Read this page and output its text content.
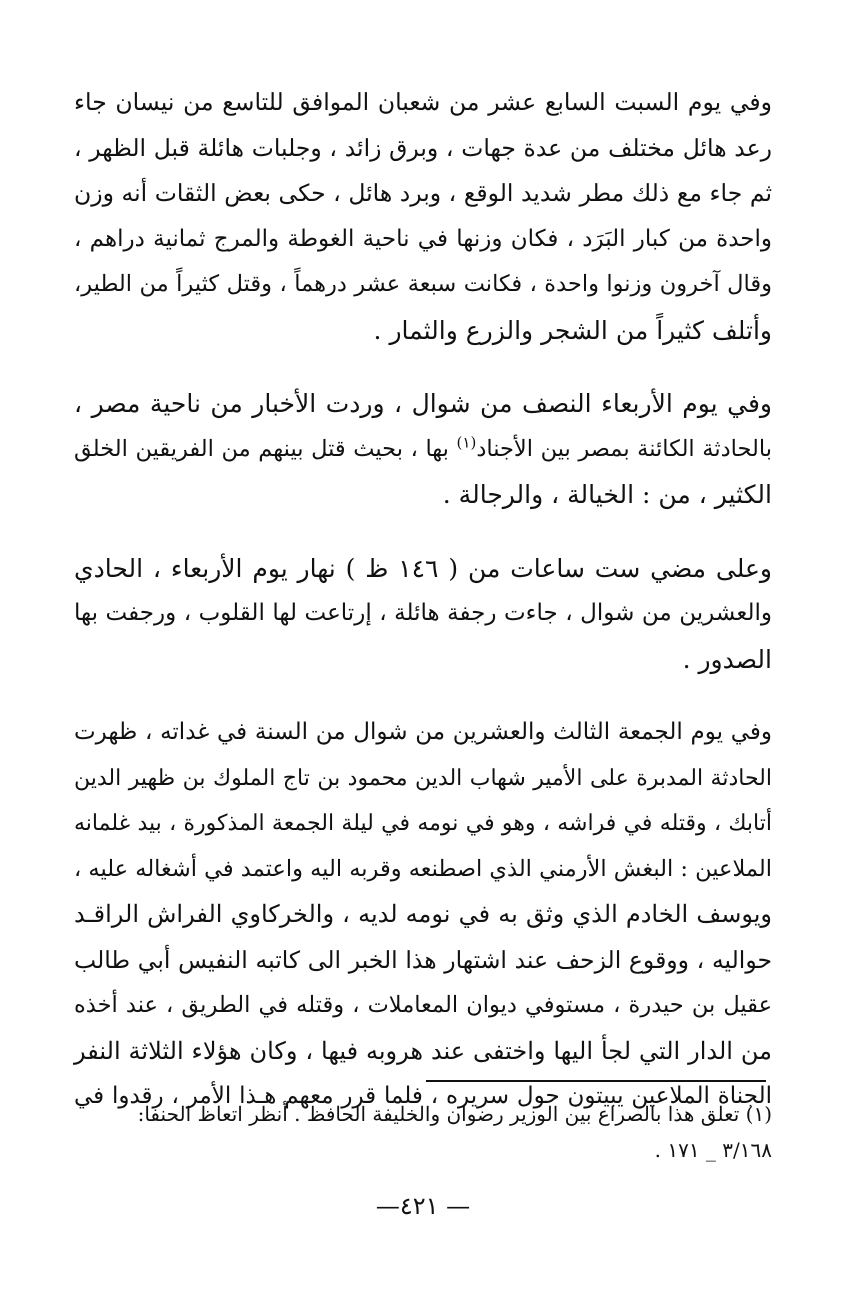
وفي يوم السبت السابع عشر من شعبان الموافق للتاسع من نيسان جاء
رعد هائل مختلف من عدة جهات ، وبرق زائد ، وجلبات هائلة قبل الظهر ،
ثم جاء مع ذلك مطر شديد الوقع ، وبرد هائل ، حكى بعض الثقات أنه وزن
واحدة من كبار البَرَد ، فكان وزنها في ناحية الغوطة والمرج ثمانية دراهم ،
وقال آخرون وزنوا واحدة ، فكانت سبعة عشر درهماً ، وقتل كثيراً من الطير،
وأتلف كثيراً من الشجر والزرع والثمار .

وفي يوم الأربعاء النصف من شوال ، وردت الأخبار من ناحية مصر ،
بالحادثة الكائنة بمصر بين الأجناد$^{(١)}$ بها ، بحيث قتل بينهم من الفريقين الخلق
الكثير ، من : الخيالة ، والرجالة .

وعلى مضي ست ساعات من ( ١٤٦ ظ ) نهار يوم الأربعاء ، الحادي
والعشرين من شوال ، جاءت رجفة هائلة ، إرتاعت لها القلوب ، ورجفت بها
الصدور .

وفي يوم الجمعة الثالث والعشرين من شوال من السنة في غداته ، ظهرت
الحادثة المدبرة على الأمير شهاب الدين محمود بن تاج الملوك بن ظهير الدين
أتابك ، وقتله في فراشه ، وهو في نومه في ليلة الجمعة المذكورة ، بيد غلمانه
الملاعين : البغش الأرمني الذي اصطنعه وقربه اليه واعتمد في أشغاله عليه ،
ويوسف الخادم الذي وثق به في نومه لديه ، والخركاوي الفراش الراقـد
حواليه ، ووقوع الزحف عند اشتهار هذا الخبر الى كاتبه النفيس أبي طالب
عقيل بن حيدرة ، مستوفي ديوان المعاملات ، وقتله في الطريق ، عند أخذه
من الدار التي لجأ اليها واختفى عند هروبه فيها ، وكان هؤلاء الثلاثة النفر
الجناة الملاعين يبيتون حول سريره ، فلما قرر معهم هـذا الأمر ، رقدوا في

(١) تعلق هذا بالصراع بين الوزير رضوان والخليفة الحافظ . أنظر اتعاظ الحنفا:
٣/١٦٨ _ ١٧١ .
— ٤٢١—
